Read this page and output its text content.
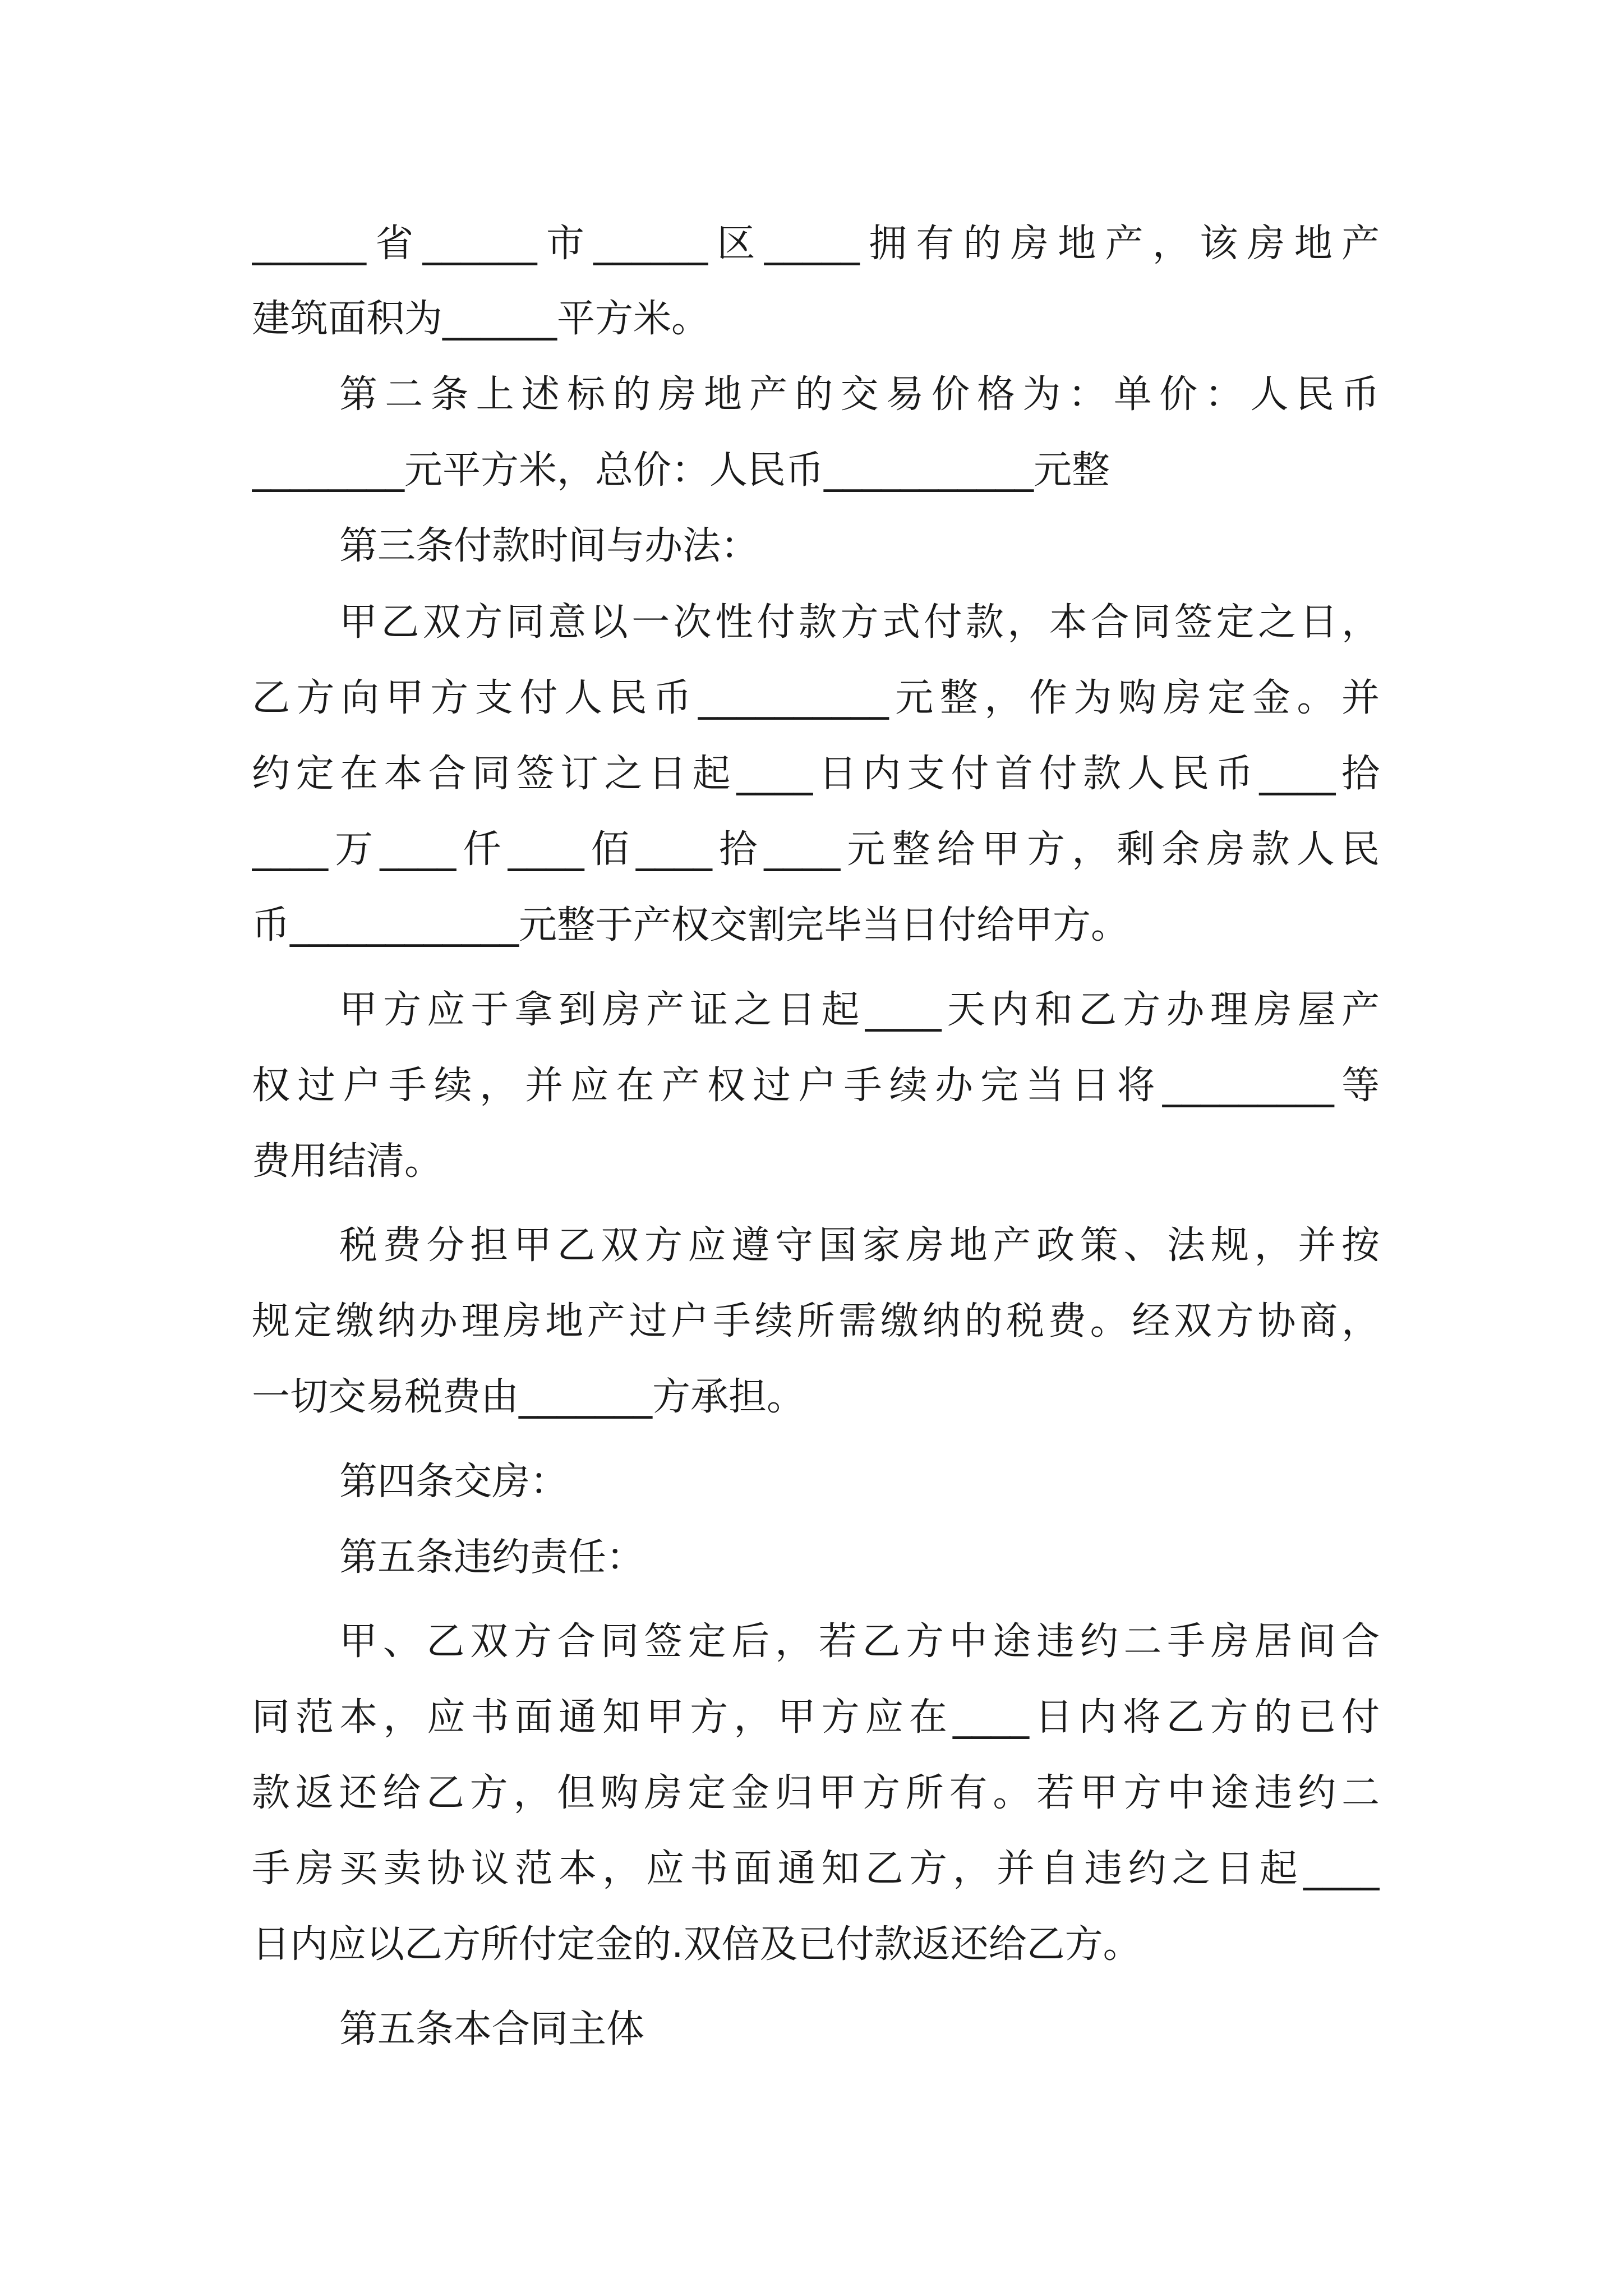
______省______市______区_____拥有的房地产，该房地产
建筑面积为______平方米。
第二条上述标的房地产的交易价格为：单价：人民币
________元平方米，总价：人民币___________元整
第三条付款时间与办法：
甲乙双方同意以一次性付款方式付款，本合同签定之日，
乙方向甲方支付人民币__________元整，作为购房定金。并
约定在本合同签订之日起____日内支付首付款人民币____拾
____万____仟____佰____拾____元整给甲方，剩余房款人民
币____________元整于产权交割完毕当日付给甲方。
甲方应于拿到房产证之日起____天内和乙方办理房屋产
权过户手续，并应在产权过户手续办完当日将_________等
费用结清。
税费分担甲乙双方应遵守国家房地产政策、法规，并按
规定缴纳办理房地产过户手续所需缴纳的税费。经双方协商，
一切交易税费由_______方承担。
第四条交房：
第五条违约责任：
甲、乙双方合同签定后，若乙方中途违约二手房居间合
同范本，应书面通知甲方，甲方应在____日内将乙方的已付
款返还给乙方，但购房定金归甲方所有。若甲方中途违约二
手房买卖协议范本，应书面通知乙方，并自违约之日起____
日内应以乙方所付定金的.双倍及已付款返还给乙方。
第五条本合同主体
